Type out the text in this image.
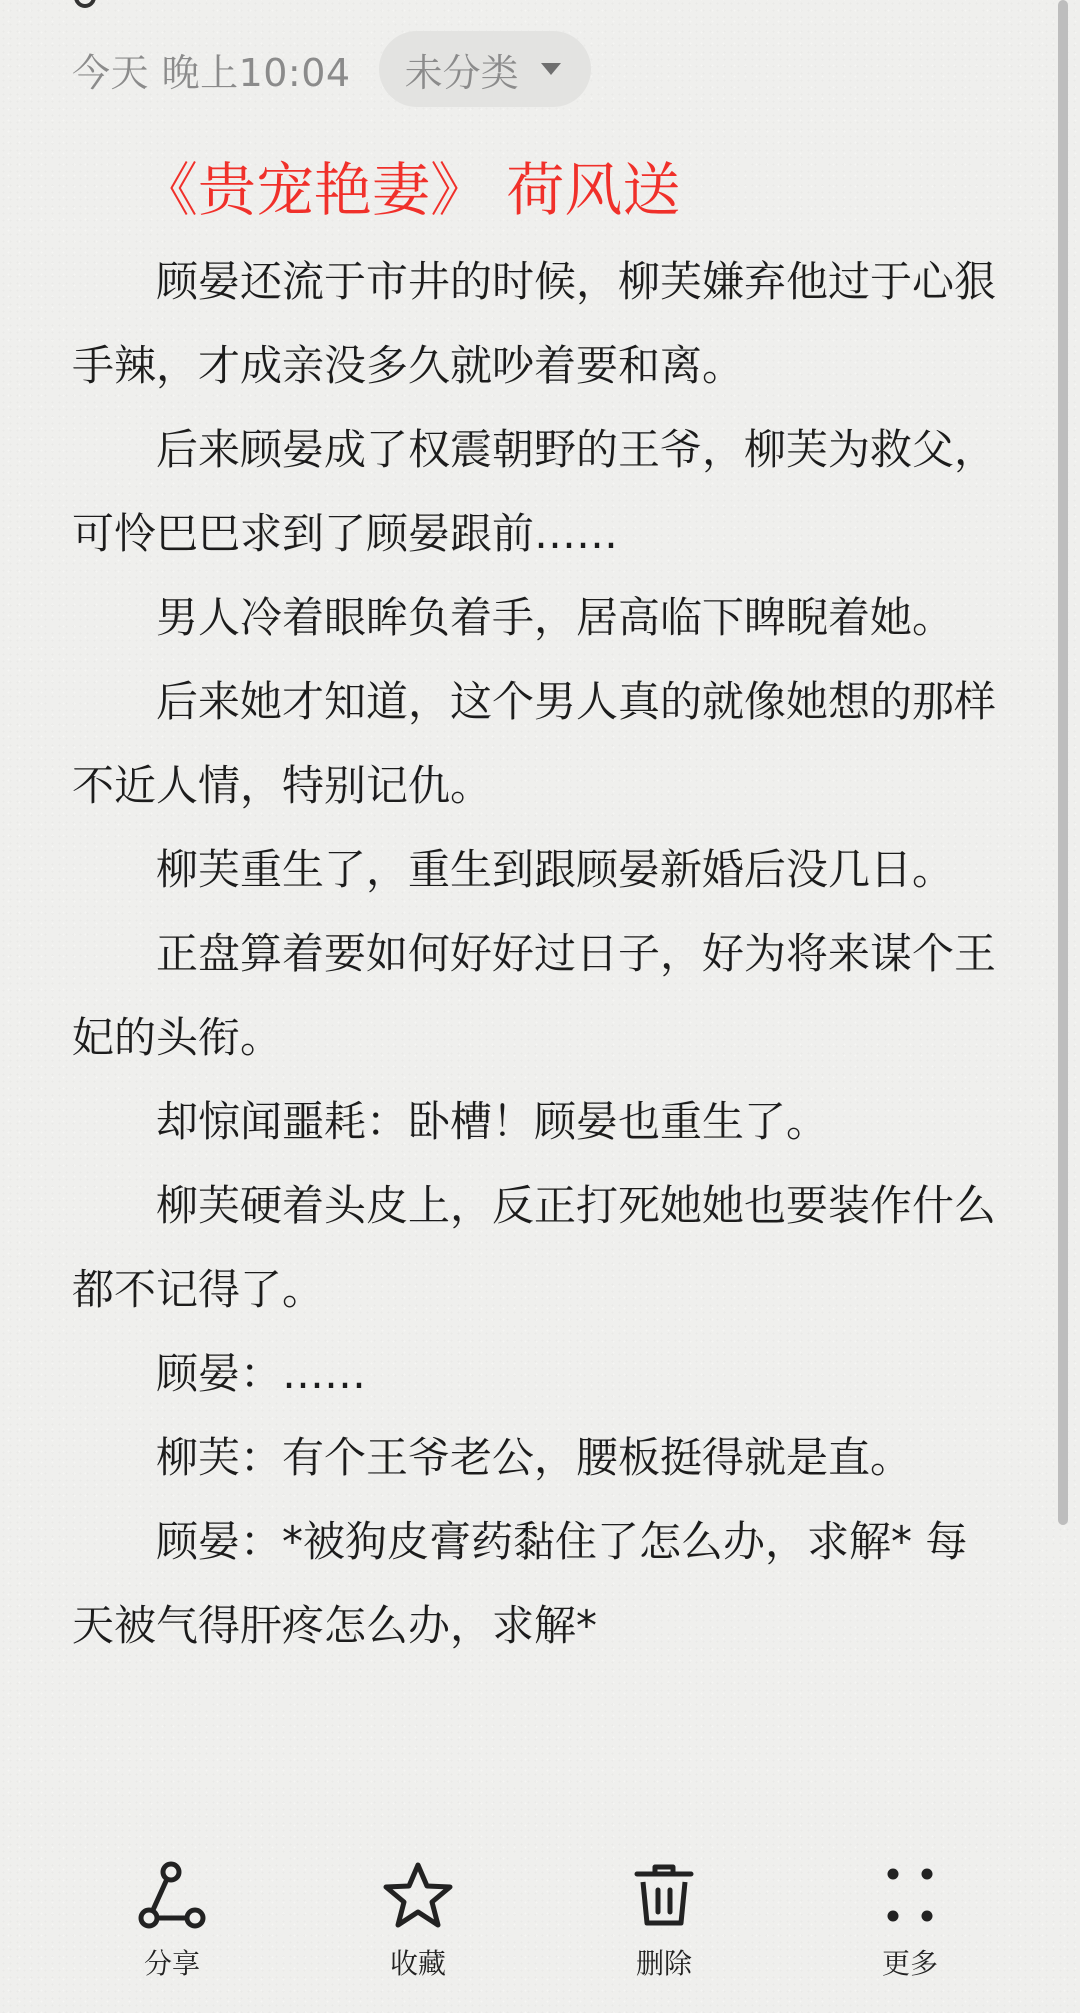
今天 晚上10:04 未分类
《贵宠艳妻》 荷风送

顾晏还流于市井的时候，柳芙嫌弃他过于心狠手辣，才成亲没多久就吵着要和离。

后来顾晏成了权震朝野的王爷，柳芙为救父，可怜巴巴求到了顾晏跟前……

男人冷着眼眸负着手，居高临下睥睨着她。

后来她才知道，这个男人真的就像她想的那样不近人情，特别记仇。

柳芙重生了，重生到跟顾晏新婚后没几日。

正盘算着要如何好好过日子，好为将来谋个王妃的头衔。

却惊闻噩耗：卧槽！顾晏也重生了。

柳芙硬着头皮上，反正打死她她也要装作什么都不记得了。

顾晏：……

柳芙：有个王爷老公，腰板挺得就是直。

顾晏：*被狗皮膏药黏住了怎么办，求解* 每天被气得肝疼怎么办，求解*

分享	收藏	删除	更多
